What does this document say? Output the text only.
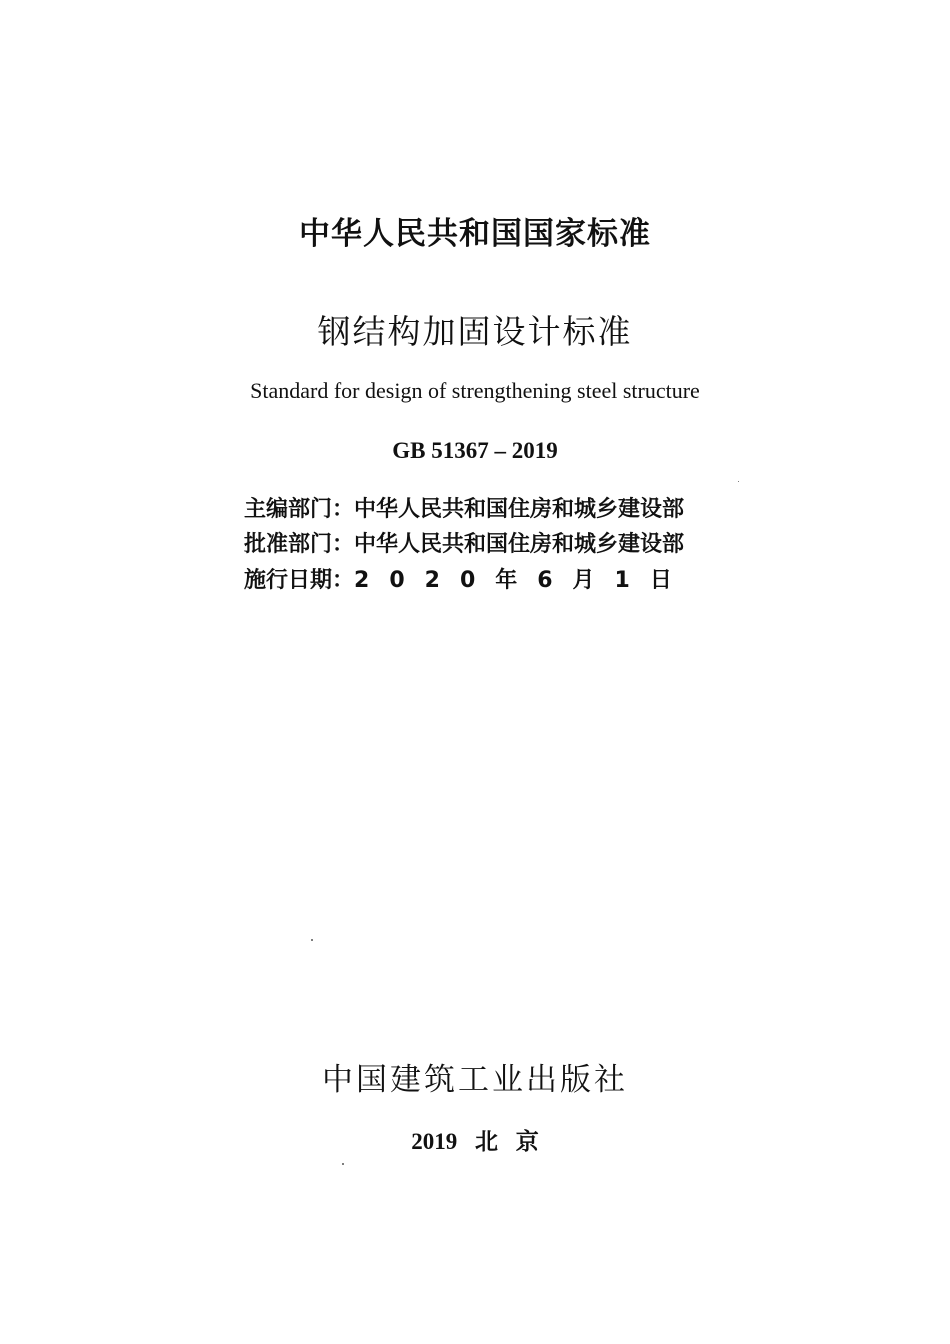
中华人民共和国国家标准
钢结构加固设计标准
Standard for design of strengthening steel structure
GB 51367 – 2019
主编部门：中华人民共和国住房和城乡建设部
批准部门：中华人民共和国住房和城乡建设部
施行日期：2020年6月1日
中国建筑工业出版社
2019 北 京
